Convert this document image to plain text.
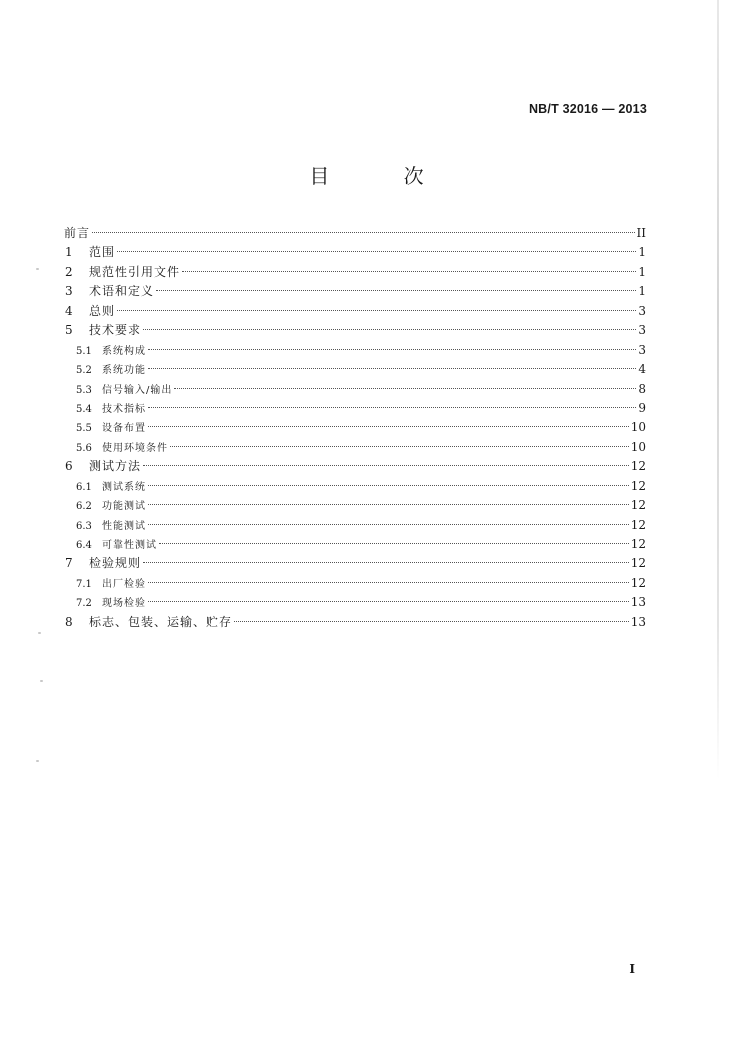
NB/T 32016 — 2013
目 次
前言	II
1	范围	1
2	规范性引用文件	1
3	术语和定义	1
4	总则	3
5	技术要求	3
5.1	系统构成	3
5.2	系统功能	4
5.3	信号输入/输出	8
5.4	技术指标	9
5.5	设备布置	10
5.6	使用环境条件	10
6	测试方法	12
6.1	测试系统	12
6.2	功能测试	12
6.3	性能测试	12
6.4	可靠性测试	12
7	检验规则	12
7.1	出厂检验	12
7.2	现场检验	13
8	标志、包装、运输、贮存	13
I
